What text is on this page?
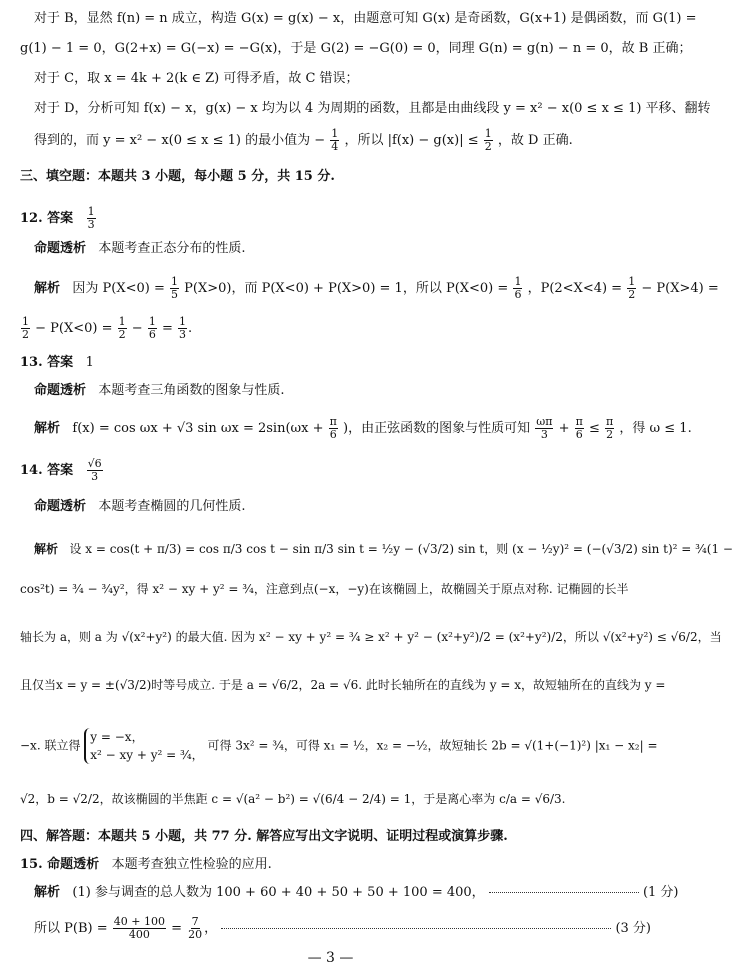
对于 B，显然 f(n) = n 成立，构造 G(x) = g(x) − x，由题意可知 G(x) 是奇函数，G(x+1) 是偶函数，而 G(1) =
g(1) − 1 = 0，G(2+x) = G(−x) = −G(x)，于是 G(2) = −G(0) = 0，同理 G(n) = g(n) − n = 0，故 B 正确；
对于 C，取 x = 4k + 2(k ∈ Z) 可得矛盾，故 C 错误；
对于 D，分析可知 f(x) − x，g(x) − x 均为以 4 为周期的函数，且都是由曲线段 y = x² − x(0 ≤ x ≤ 1) 平移、翻转
得到的，而 y = x² − x(0 ≤ x ≤ 1) 的最小值为 − $\frac{1}{4}$ ，所以 $|f(x) - g(x)| \le \frac{1}{2}$ ，故 D 正确.
三、填空题：本题共 3 小题，每小题 5 分，共 15 分.
12. 答案 $\frac{1}{3}$
命题透析 本题考查正态分布的性质.
解析 因为 $P(X<0) = \frac{1}{5} P(X>0)$，而 P(X<0) + P(X>0) = 1，所以 $P(X<0) = \frac{1}{6}$ ，$P(2<X<4) = \frac{1}{2} - P(X>4)$ =
$\frac{1}{2} - P(X<0) = \frac{1}{2} - \frac{1}{6} = \frac{1}{3}$ .
13. 答案 1
命题透析 本题考查三角函数的图象与性质.
解析 f(x) = cos ωx + √3 $\sin \omega x = 2\sin(\omega x + \frac{\pi}{6}$ )，由正弦函数的图象与性质可知 $\frac{\omega\pi}{3} + \frac{\pi}{6} \le \frac{\pi}{2}$ ，得 ω ≤ 1.
14. 答案 $\frac{√6}{3}$
命题透析 本题考查椭圆的几何性质.
解析 设 x = cos(t + π/3) = cos π/3 cos t − sin π/3 sin t = ½y − (√3/2) sin t，则 (x − ½y)² = (−(√3/2) sin t)² = ¾(1 −
cos²t) = ¾ − ¾y²，得 x² − xy + y² = ¾，注意到点(−x，−y)在该椭圆上，故椭圆关于原点对称. 记椭圆的长半
轴长为 a，则 a 为 √(x²+y²) 的最大值. 因为 x² − xy + y² = ¾ ≥ x² + y² − (x²+y²)/2 = (x²+y²)/2，所以 √(x²+y²) ≤ √6/2，当
且仅当x = y = ±(√3/2)时等号成立. 于是 a = √6/2，2a = √6. 此时长轴所在的直线为 y = x，故短轴所在的直线为 y =
−x. 联立得
y = −x，
x² − xy + y² = ¾，
可得 3x² = ¾，可得 x₁ = ½，x₂ = −½，故短轴长 2b = √(1+(−1)²) |x₁ − x₂| =
√2，b = √2/2，故该椭圆的半焦距 c = √(a² − b²) = √(6/4 − 2/4) = 1，于是离心率为 c/a = √6/3.
四、解答题：本题共 5 小题，共 77 分. 解答应写出文字说明、证明过程或演算步骤.
15. 命题透析 本题考查独立性检验的应用.
解析 (1) 参与调查的总人数为 100 + 60 + 40 + 50 + 50 + 100 = 400，	(1 分)
所以 $P(B) = \frac{40 + 100}{400} = \frac{7}{20}$ ，	(3 分)
— 3 —
